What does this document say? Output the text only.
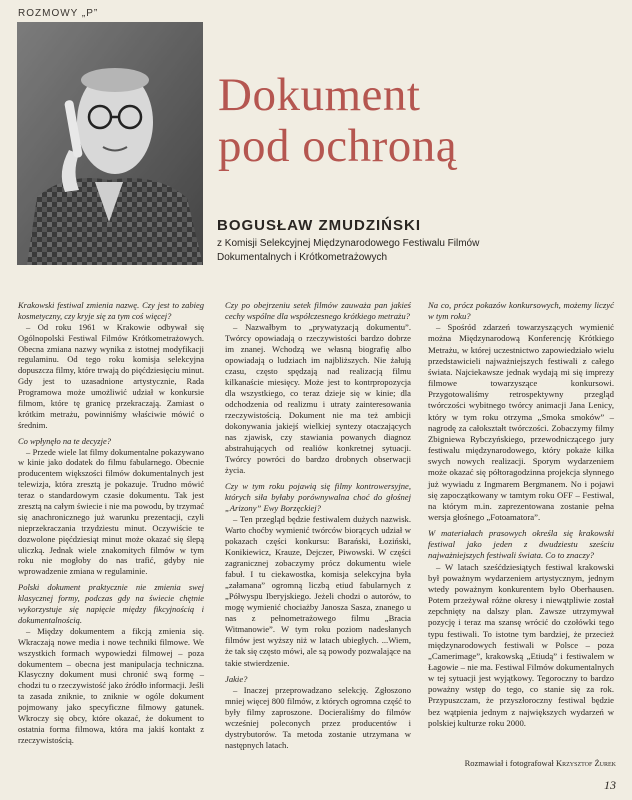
ROZMOWY „P”
Dokument
pod ochroną
BOGUSŁAW ZMUDZIŃSKI
z Komisji Selekcyjnej Międzynarodowego Festiwalu Filmów
Dokumentalnych i Krótkometrażowych

Krakowski festiwal zmienia nazwę. Czy jest to zabieg kosmetyczny, czy kryje się za tym coś więcej?

– Od roku 1961 w Krakowie odbywał się Ogólnopolski Festiwal Filmów Krótkometrażowych. Obecna zmiana nazwy wynika z istotnej modyfikacji regulaminu. Od tego roku komisja selekcyjna dopuszcza filmy, które trwają do pięćdziesięciu minut. Gdy jest to uzasadnione artystycznie, Rada Programowa może umożliwić udział w konkursie filmom, które tę granicę przekraczają. Zamiast o krótkim metrażu, powinniśmy właściwie mówić o średnim.

Co wpłynęło na te decyzje?

– Przede wiele lat filmy dokumentalne pokazywano w kinie jako dodatek do filmu fabularnego. Obecnie producentem większości filmów dokumentalnych jest telewizja, która zresztą je pokazuje. Trudno mówić teraz o standardowym czasie dokumentu. Tak jest zresztą na całym świecie i nie ma powodu, by trzymać się anachronicznego już warunku prezentacji, czyli nieprzekraczania trzydziestu minut. Oczywiście te dozwolone pięćdziesiąt minut może okazać się ślepą uliczką. Jednak wiele znakomitych filmów w tym roku nie mogłoby do nas trafić, gdyby nie wprowadzenie zmiana w regulaminie.

Polski dokument praktycznie nie zmienia swej klasycznej formy, podczas gdy na świecie chętnie wykorzystuje się napięcie między fikcyjnością i dokumentalnością.

– Między dokumentem a fikcją zmienia się. Wkraczają nowe media i nowe techniki filmowe. We wszystkich formach wypowiedzi filmowej – poza dokumentem – obecna jest manipulacja techniczna. Klasyczny dokument musi chronić swą formę – chodzi tu o rzeczywistość jako źródło informacji. Jeśli ta zasada zniknie, to zniknie w ogóle dokument pojmowany jako specyficzne filmowy gatunek. Wkroczy się obcy, które okazać, że dokument to ostatnia forma filmowa, która ma jakiś kontakt z rzeczywistością.

Czy po obejrzeniu setek filmów zauważa pan jakieś cechy wspólne dla współczesnego krótkiego metrażu?

– Nazwałbym to „prywatyzacją dokumentu”. Twórcy opowiadają o rzeczywistości bardzo dobrze im znanej. Wchodzą we własną biografię albo opowiadają o ludziach im najbliższych. Nie żałują czasu, często spędzają nad realizacją filmu kilkanaście miesięcy. Może jest to kontrpropozycja dla wszystkiego, co teraz dzieje się w kinie; dla odchodzenia od realizmu i utraty zainteresowania rzeczywistością. Dokument nie ma też ambicji dokonywania jakiejś wielkiej syntezy otaczających nas zjawisk, czy stawiania powanych diagnoz abstrahujących od realiów konkretnej sytuacji. Twórcy powróci do bardzo drobnych obserwacji życia.

Czy w tym roku pojawią się filmy kontrowersyjne, których siła byłaby porównywalna choć do głośnej „Arizony” Ewy Borzęckiej?

– Ten przegląd będzie festiwalem dużych nazwisk. Warto choćby wymienić twórców biorących udział w pokazach części konkursu: Barański, Łoziński, Konikiewicz, Krauze, Dejczer, Piwowski. W części zagranicznej zobaczymy prócz dokumentu wiele fabuł. I tu ciekawostka, komisja selekcyjna była „załamana” ogromną liczbą etiud fabularnych z „Półwyspu Iberyjskiego. Jeżeli chodzi o autorów, to mogę wymienić chociażby Janosza Sasza, znanego u nas z pełnometrażowego filmu „Bracia Witmanowie”. W tym roku poziom nadesłanych filmów jest wyższy niż w latach ubiegłych. ...Wiem, że tak się często mówi, ale są powody pozwalające na takie stwierdzenie.

Jakie?

– Inaczej przeprowadzano selekcję. Zgłoszono mniej więcej 800 filmów, z których ogromna część to były filmy zaproszone. Docieraliśmy do filmów wcześniej poleconych przez producentów i dystrybutorów. Ta metoda zostanie utrzymana w następnych latach.

Na co, prócz pokazów konkursowych, możemy liczyć w tym roku?

– Spośród zdarzeń towarzyszących wymienić można Międzynarodową Konferencję Krótkiego Metrażu, w której uczestnictwo zapowiedziało wielu przedstawicieli najważniejszych festiwali z całego świata. Najciekawsze jednak wydają mi się imprezy filmowe towarzyszące konkursowi. Przygotowaliśmy retrospektywny przegląd twórczości wybitnego twórcy animacji Jana Lenicy, który w tym roku otrzyma „Smoka smoków” – nagrodę za całokształt twórczości. Zobaczymy filmy Zbigniewa Rybczyńskiego, przewodniczącego jury festiwalu międzynarodowego, który pokaże kilka swych nowych realizacji. Sporym wydarzeniem może okazać się półtoragodzinna projekcja słynnego już wywiadu z Ingmarem Bergmanem. No i pojawi się zapoczątkowany w tamtym roku OFF – Festiwal, na którym m.in. zaprezentowana zostanie pełna wersja głośnego „Fotoamatora”.

W materiałach prasowych określa się krakowski festiwal jako jeden z dwudziestu sześciu najważniejszych festiwali świata. Co to znaczy?

– W latach sześćdziesiątych festiwal krakowski był poważnym wydarzeniem artystycznym, jednym wtedy poważnym konkurentem było Oberhausen. Potem przeżywał różne okresy i niewątpliwie został zepchnięty na dalszy plan. Zawsze utrzymywał pozycję i teraz ma szansę wrócić do czołówki tego typu festiwali. To istotne tym bardziej, że przecież międzynarodowych festiwali w Polsce – poza „Camerimage”, krakowską „Etiudą” i festiwalem w Łagowie – nie ma. Festiwal Filmów dokumentalnych w tej sytuacji jest wyjątkowy. Tegoroczny to bardzo poważny wstęp do tego, co stanie się za rok. Przypuszczam, że przyszłoroczny festiwal będzie bez wątpienia jednym z największych wydarzeń w polskiej kulturze roku 2000.

Rozmawiał i fotografował Krzysztof Żurek
13
